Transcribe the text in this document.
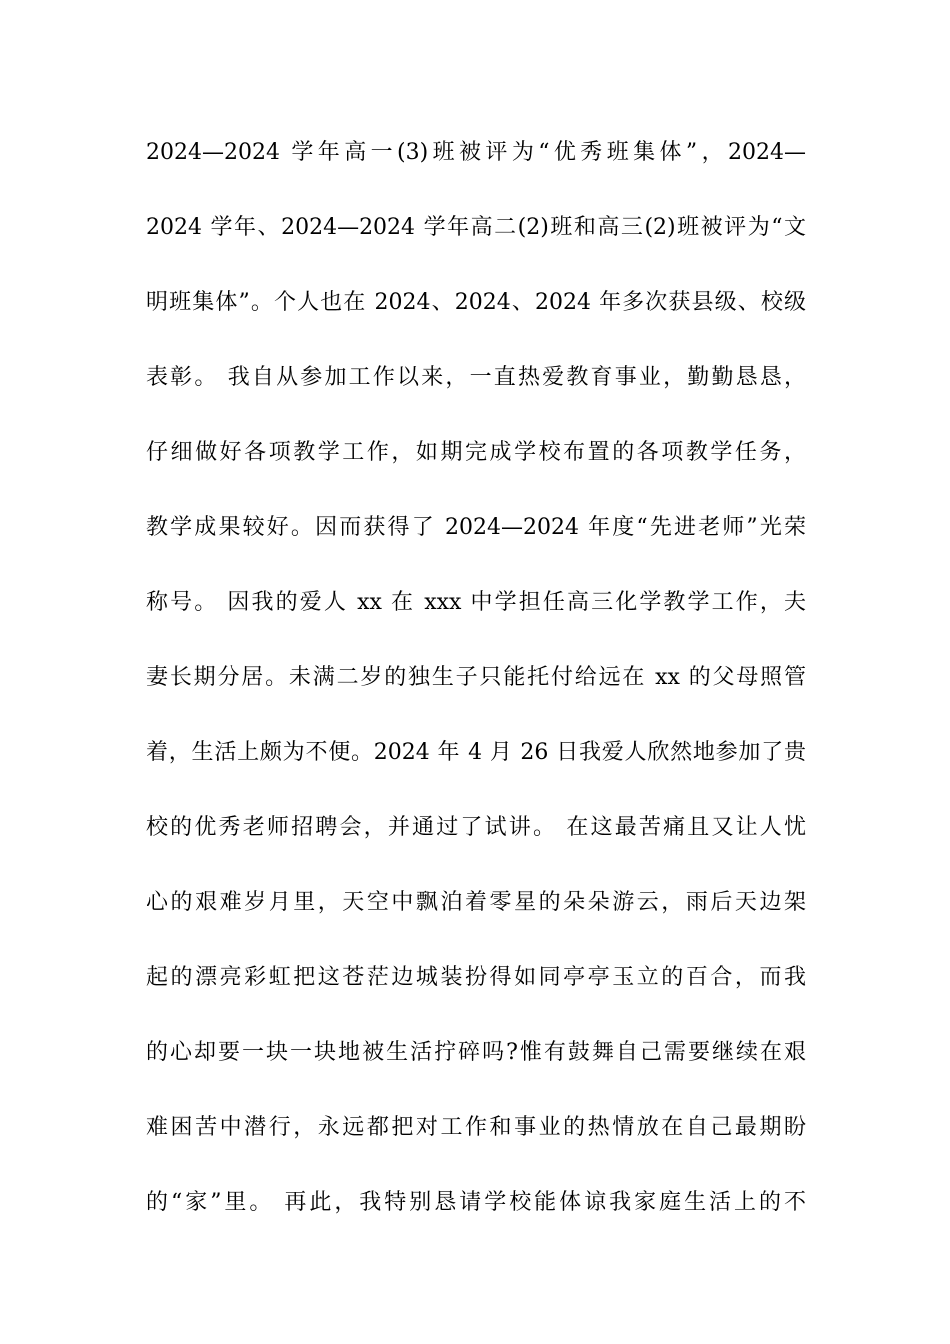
2024—2024 学年高一(3)班被评为“优秀班集体”，2024—
2024 学年、2024—2024 学年高二(2)班和高三(2)班被评为“文
明班集体”。个人也在 2024、2024、2024 年多次获县级、校级
表彰。 我自从参加工作以来，一直热爱教育事业，勤勤恳恳，
仔细做好各项教学工作，如期完成学校布置的各项教学任务，
教学成果较好。因而获得了 2024—2024 年度“先进老师”光荣
称号。 因我的爱人 xx 在 xxx 中学担任高三化学教学工作，夫
妻长期分居。未满二岁的独生子只能托付给远在 xx 的父母照管
着，生活上颇为不便。2024 年 4 月 26 日我爱人欣然地参加了贵
校的优秀老师招聘会，并通过了试讲。 在这最苦痛且又让人忧
心的艰难岁月里，天空中飘泊着零星的朵朵游云，雨后天边架
起的漂亮彩虹把这苍茫边城装扮得如同亭亭玉立的百合，而我
的心却要一块一块地被生活拧碎吗?惟有鼓舞自己需要继续在艰
难困苦中潜行，永远都把对工作和事业的热情放在自己最期盼
的“家”里。 再此，我特别恳请学校能体谅我家庭生活上的不
